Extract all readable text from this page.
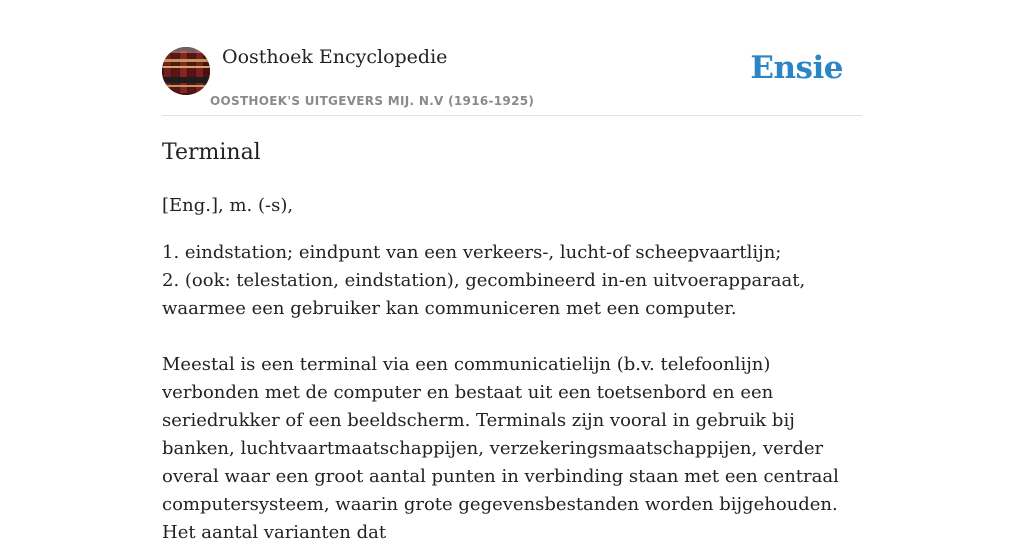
Oosthoek Encyclopedie
OOSTHOEK'S UITGEVERS MIJ. N.V (1916-1925)
Ensie
Terminal
[Eng.], m. (-s),

1. eindstation; eindpunt van een verkeers-, lucht-of scheepvaartlijn;

2. (ook: telestation, eindstation), gecombineerd in-en uitvoerapparaat, waarmee een gebruiker kan communiceren met een computer.

Meestal is een terminal via een communicatielijn (b.v. telefoonlijn) verbonden met de computer en bestaat uit een toetsenbord en een seriedrukker of een beeldscherm. Terminals zijn vooral in gebruik bij banken, luchtvaartmaatschappijen, verzekeringsmaatschappijen, verder overal waar een groot aantal punten in verbinding staan met een centraal computersysteem, waarin grote gegevensbestanden worden bijgehouden. Het aantal varianten dat
